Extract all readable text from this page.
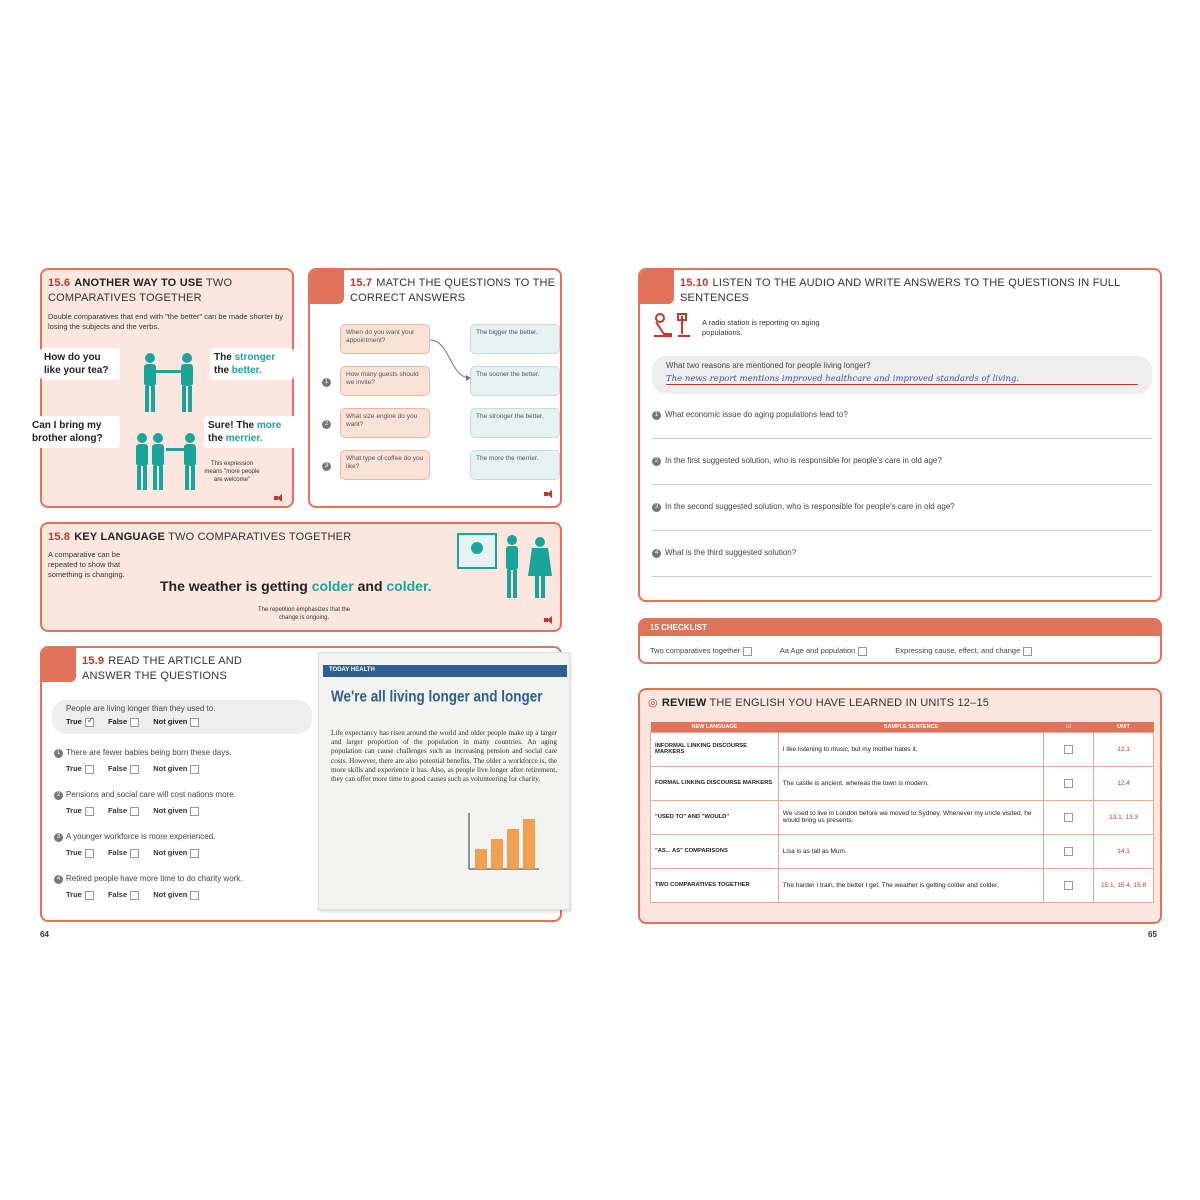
15.6 ANOTHER WAY TO USE TWO COMPARATIVES TOGETHER
Double comparatives that end with "the better" can be made shorter by losing the subjects and the verbs.
How do you like your tea?
The stronger
the better.
Can I bring my brother along?
Sure! The more
the merrier.
This expression means "more people are welcome"
15.7 MATCH THE QUESTIONS TO THE CORRECT ANSWERS
When do you want your appointment?
How many guests should we invite?
What size engine do you want?
What type of coffee do you like?
The bigger the better.
The sooner the better.
The stronger the better.
The more the merrier.
1
2
3
15.8 KEY LANGUAGE TWO COMPARATIVES TOGETHER
A comparative can be repeated to show that something is changing.
The weather is getting colder and colder.
The repetition emphasizes that the change is ongoing.
15.9 READ THE ARTICLE AND ANSWER THE QUESTIONS
People are living longer than they used to.
True ✓ False	Not given
1 There are fewer babies being born these days.
True	False	Not given
2 Pensions and social care will cost nations more.
True	False	Not given
3 A younger workforce is more experienced.
True	False	Not given
4 Retired people have more time to do charity work.
True	False	Not given
TODAY HEALTH
We're all living longer and longer
Life expectancy has risen around the world and older people make up a larger and larger proportion of the population in many countries. An aging population can cause challenges such as increasing pension and social care costs. However, there are also potential benefits. The older a workforce is, the more skills and experience it has. Also, as people live longer after retirement, they can offer more time to good causes such as volunteering for charity.
64
15.10 LISTEN TO THE AUDIO AND WRITE ANSWERS TO THE QUESTIONS IN FULL SENTENCES
A radio station is reporting on aging populations.
What two reasons are mentioned for people living longer?
The news report mentions improved healthcare and improved standards of living.
1 What economic issue do aging populations lead to?
2 In the first suggested solution, who is responsible for people's care in old age?
3 In the second suggested solution, who is responsible for people's care in old age?
4 What is the third suggested solution?
15 CHECKLIST
Two comparatives together	Aa Age and population	Expressing cause, effect, and change
◎ REVIEW THE ENGLISH YOU HAVE LEARNED IN UNITS 12–15
NEW LANGUAGE	SAMPLE SENTENCE	☑	UNIT
INFORMAL LINKING DISCOURSE MARKERS	I like listening to music, but my mother hates it.		12.1
FORMAL LINKING DISCOURSE MARKERS	The castle is ancient, whereas the town is modern.		12.4
"USED TO" AND "WOULD"	We used to live in London before we moved to Sydney. Whenever my uncle visited, he would bring us presents.		13.1, 13.3
"AS... AS" COMPARISONS	Lisa is as tall as Mum.		14.1
TWO COMPARATIVES TOGETHER	The harder I train, the better I get. The weather is getting colder and colder.		15.1, 15.4, 15.8
65
